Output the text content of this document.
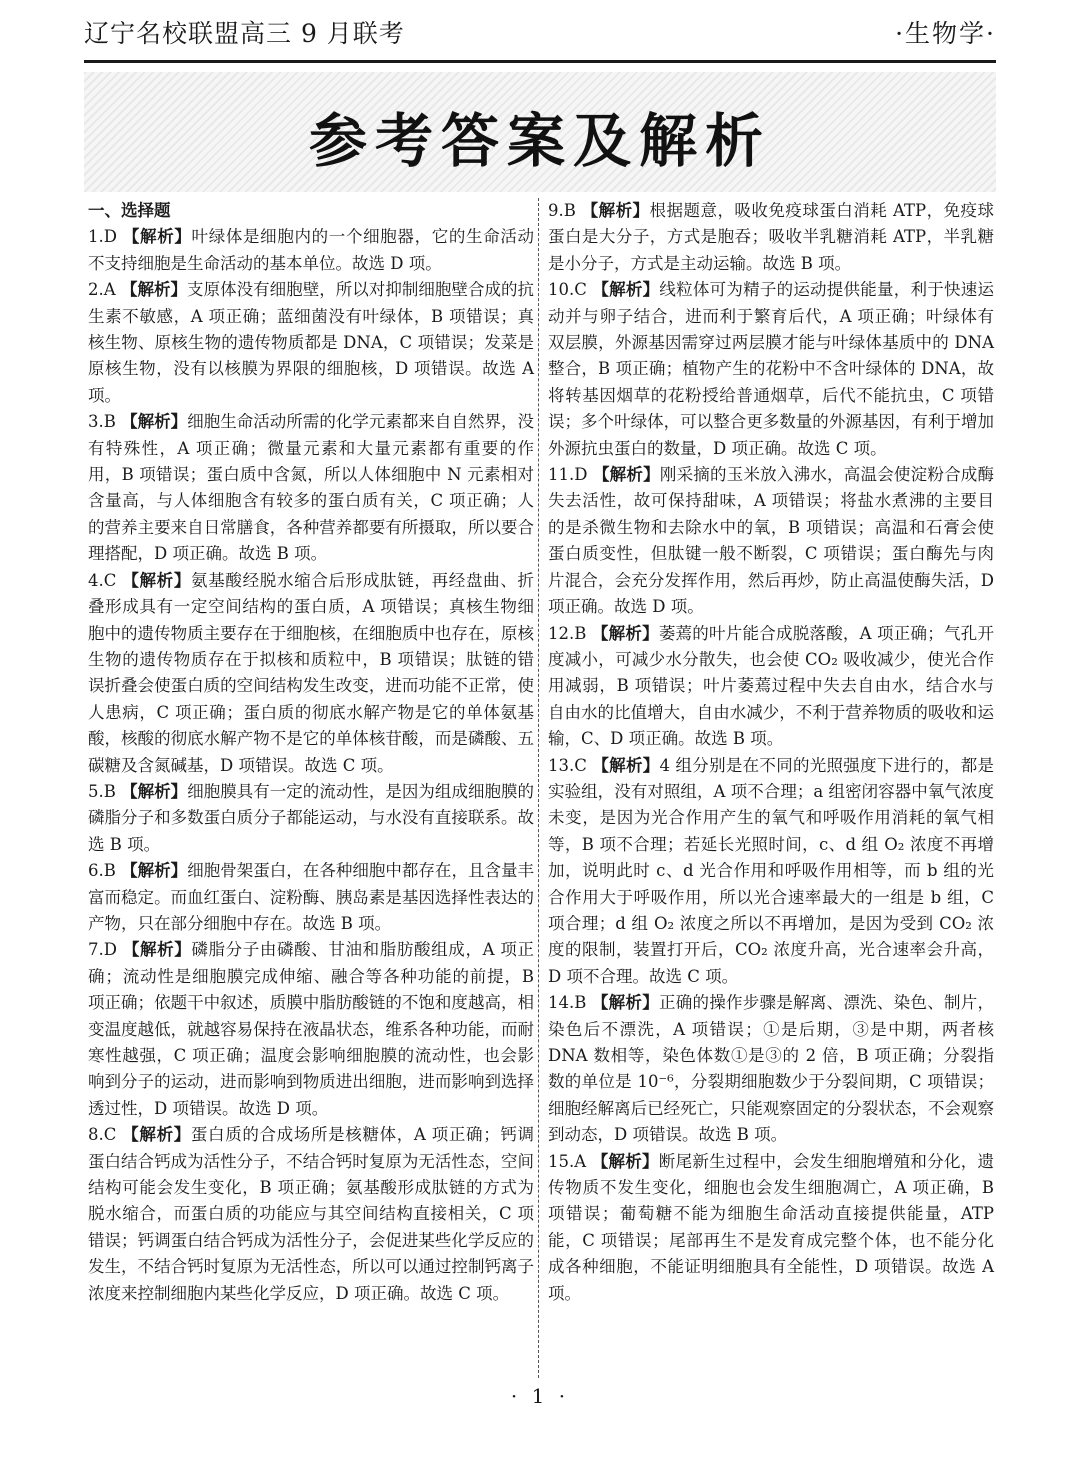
辽宁名校联盟高三 9 月联考	·生物学·
参考答案及解析
一、选择题
1.D 【解析】叶绿体是细胞内的一个细胞器，它的生命活动不支持细胞是生命活动的基本单位。故选 D 项。
2.A 【解析】支原体没有细胞壁，所以对抑制细胞壁合成的抗生素不敏感，A 项正确；蓝细菌没有叶绿体，B 项错误；真核生物、原核生物的遗传物质都是 DNA，C 项错误；发菜是原核生物，没有以核膜为界限的细胞核，D 项错误。故选 A 项。
3.B 【解析】细胞生命活动所需的化学元素都来自自然界，没有特殊性，A 项正确；微量元素和大量元素都有重要的作用，B 项错误；蛋白质中含氮，所以人体细胞中 N 元素相对含量高，与人体细胞含有较多的蛋白质有关，C 项正确；人的营养主要来自日常膳食，各种营养都要有所摄取，所以要合理搭配，D 项正确。故选 B 项。
4.C 【解析】氨基酸经脱水缩合后形成肽链，再经盘曲、折叠形成具有一定空间结构的蛋白质，A 项错误；真核生物细胞中的遗传物质主要存在于细胞核，在细胞质中也存在，原核生物的遗传物质存在于拟核和质粒中，B 项错误；肽链的错误折叠会使蛋白质的空间结构发生改变，进而功能不正常，使人患病，C 项正确；蛋白质的彻底水解产物是它的单体氨基酸，核酸的彻底水解产物不是它的单体核苷酸，而是磷酸、五碳糖及含氮碱基，D 项错误。故选 C 项。
5.B 【解析】细胞膜具有一定的流动性，是因为组成细胞膜的磷脂分子和多数蛋白质分子都能运动，与水没有直接联系。故选 B 项。
6.B 【解析】细胞骨架蛋白，在各种细胞中都存在，且含量丰富而稳定。而血红蛋白、淀粉酶、胰岛素是基因选择性表达的产物，只在部分细胞中存在。故选 B 项。
7.D 【解析】磷脂分子由磷酸、甘油和脂肪酸组成，A 项正确；流动性是细胞膜完成伸缩、融合等各种功能的前提，B 项正确；依题干中叙述，质膜中脂肪酸链的不饱和度越高，相变温度越低，就越容易保持在液晶状态，维系各种功能，而耐寒性越强，C 项正确；温度会影响细胞膜的流动性，也会影响到分子的运动，进而影响到物质进出细胞，进而影响到选择透过性，D 项错误。故选 D 项。
8.C 【解析】蛋白质的合成场所是核糖体，A 项正确；钙调蛋白结合钙成为活性分子，不结合钙时复原为无活性态，空间结构可能会发生变化，B 项正确；氨基酸形成肽链的方式为脱水缩合，而蛋白质的功能应与其空间结构直接相关，C 项错误；钙调蛋白结合钙成为活性分子，会促进某些化学反应的发生，不结合钙时复原为无活性态，所以可以通过控制钙离子浓度来控制细胞内某些化学反应，D 项正确。故选 C 项。
9.B 【解析】根据题意，吸收免疫球蛋白消耗 ATP，免疫球蛋白是大分子，方式是胞吞；吸收半乳糖消耗 ATP，半乳糖是小分子，方式是主动运输。故选 B 项。
10.C 【解析】线粒体可为精子的运动提供能量，利于快速运动并与卵子结合，进而利于繁育后代，A 项正确；叶绿体有双层膜，外源基因需穿过两层膜才能与叶绿体基质中的 DNA 整合，B 项正确；植物产生的花粉中不含叶绿体的 DNA，故将转基因烟草的花粉授给普通烟草，后代不能抗虫，C 项错误；多个叶绿体，可以整合更多数量的外源基因，有利于增加外源抗虫蛋白的数量，D 项正确。故选 C 项。
11.D 【解析】刚采摘的玉米放入沸水，高温会使淀粉合成酶失去活性，故可保持甜味，A 项错误；将盐水煮沸的主要目的是杀微生物和去除水中的氧，B 项错误；高温和石膏会使蛋白质变性，但肽键一般不断裂，C 项错误；蛋白酶先与肉片混合，会充分发挥作用，然后再炒，防止高温使酶失活，D 项正确。故选 D 项。
12.B 【解析】萎蔫的叶片能合成脱落酸，A 项正确；气孔开度减小，可减少水分散失，也会使 CO₂ 吸收减少，使光合作用减弱，B 项错误；叶片萎蔫过程中失去自由水，结合水与自由水的比值增大，自由水减少，不利于营养物质的吸收和运输，C、D 项正确。故选 B 项。
13.C 【解析】4 组分别是在不同的光照强度下进行的，都是实验组，没有对照组，A 项不合理；a 组密闭容器中氧气浓度未变，是因为光合作用产生的氧气和呼吸作用消耗的氧气相等，B 项不合理；若延长光照时间，c、d 组 O₂ 浓度不再增加，说明此时 c、d 光合作用和呼吸作用相等，而 b 组的光合作用大于呼吸作用，所以光合速率最大的一组是 b 组，C 项合理；d 组 O₂ 浓度之所以不再增加，是因为受到 CO₂ 浓度的限制，装置打开后，CO₂ 浓度升高，光合速率会升高，D 项不合理。故选 C 项。
14.B 【解析】正确的操作步骤是解离、漂洗、染色、制片，染色后不漂洗，A 项错误；①是后期，③是中期，两者核 DNA 数相等，染色体数①是③的 2 倍，B 项正确；分裂指数的单位是 10⁻⁶，分裂期细胞数少于分裂间期，C 项错误；细胞经解离后已经死亡，只能观察固定的分裂状态，不会观察到动态，D 项错误。故选 B 项。
15.A 【解析】断尾新生过程中，会发生细胞增殖和分化，遗传物质不发生变化，细胞也会发生细胞凋亡，A 项正确，B 项错误；葡萄糖不能为细胞生命活动直接提供能量，ATP 能，C 项错误；尾部再生不是发育成完整个体，也不能分化成各种细胞，不能证明细胞具有全能性，D 项错误。故选 A 项。
· 1 ·
